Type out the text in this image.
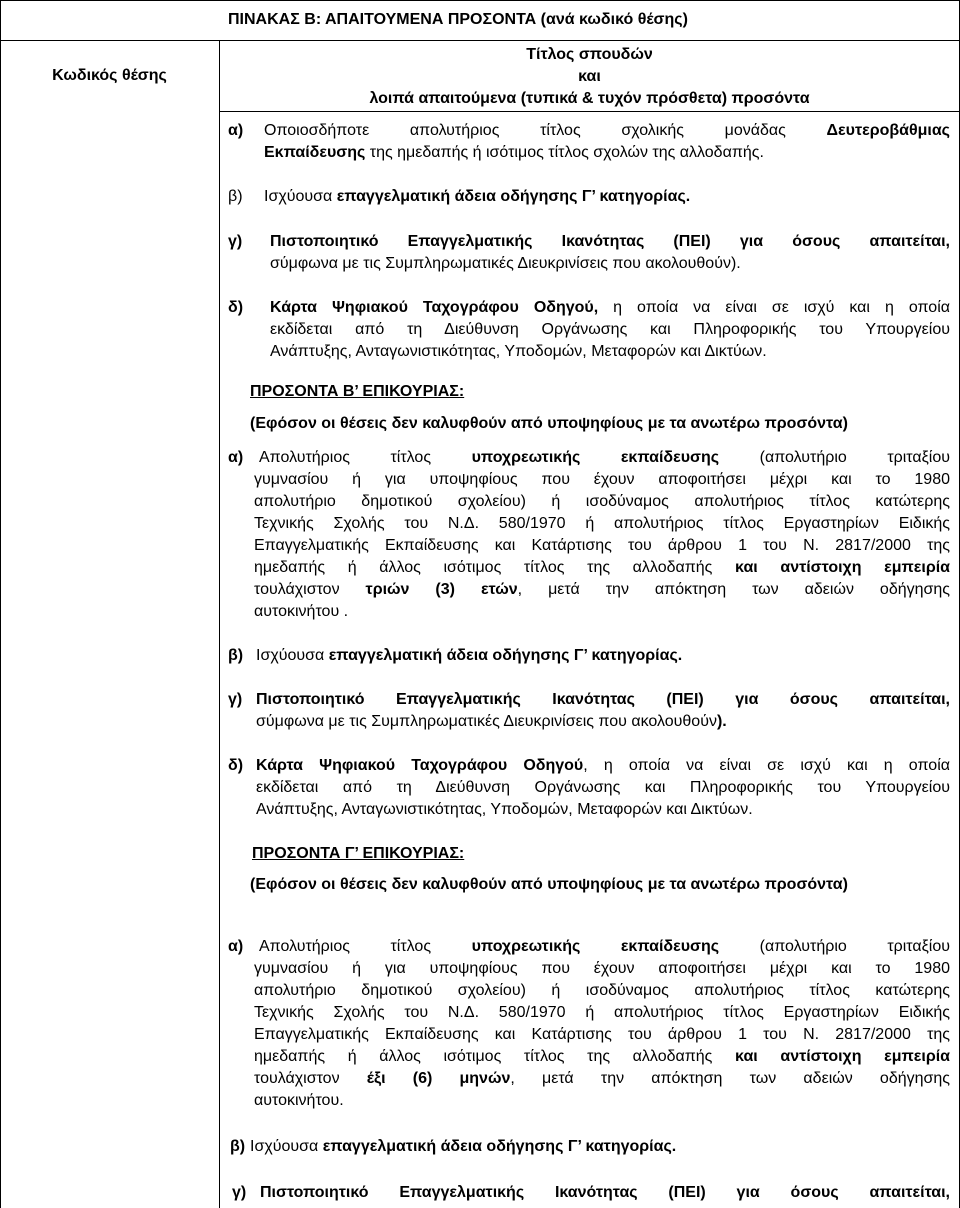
ΠΙΝΑΚΑΣ Β: ΑΠΑΙΤΟΥΜΕΝΑ ΠΡΟΣΟΝΤΑ (ανά κωδικό θέσης)
Κωδικός θέσης
Τίτλος σπουδών
και
λοιπά απαιτούμενα (τυπικά & τυχόν πρόσθετα) προσόντα
α) Οποιοσδήποτε απολυτήριος τίτλος σχολικής μονάδας Δευτεροβάθμιας
Εκπαίδευσης της ημεδαπής ή ισότιμος τίτλος σχολών της αλλοδαπής.
β) Ισχύουσα επαγγελματική άδεια οδήγησης Γ’ κατηγορίας.
γ) Πιστοποιητικό Επαγγελματικής Ικανότητας (ΠΕΙ) για όσους απαιτείται,
σύμφωνα με τις Συμπληρωματικές Διευκρινίσεις που ακολουθούν).
δ) Κάρτα Ψηφιακού Ταχογράφου Οδηγού, η οποία να είναι σε ισχύ και η οποία
εκδίδεται από τη Διεύθυνση Οργάνωσης και Πληροφορικής του Υπουργείου
Ανάπτυξης, Ανταγωνιστικότητας, Υποδομών, Μεταφορών και Δικτύων.
ΠΡΟΣΟΝΤΑ Β’ ΕΠΙΚΟΥΡΙΑΣ:
(Εφόσον οι θέσεις δεν καλυφθούν από υποψηφίους με τα ανωτέρω προσόντα)
α) Απολυτήριος τίτλος υποχρεωτικής εκπαίδευσης (απολυτήριο τριταξίου
γυμνασίου ή για υποψηφίους που έχουν αποφοιτήσει μέχρι και το 1980
απολυτήριο δημοτικού σχολείου) ή ισοδύναμος απολυτήριος τίτλος κατώτερης
Τεχνικής Σχολής του Ν.Δ. 580/1970 ή απολυτήριος τίτλος Εργαστηρίων Ειδικής
Επαγγελματικής Εκπαίδευσης και Κατάρτισης του άρθρου 1 του Ν. 2817/2000 της
ημεδαπής ή άλλος ισότιμος τίτλος της αλλοδαπής και αντίστοιχη εμπειρία
τουλάχιστον τριών (3) ετών, μετά την απόκτηση των αδειών οδήγησης
αυτοκινήτου .
β) Ισχύουσα επαγγελματική άδεια οδήγησης Γ’ κατηγορίας.
γ) Πιστοποιητικό Επαγγελματικής Ικανότητας (ΠΕΙ) για όσους απαιτείται,
σύμφωνα με τις Συμπληρωματικές Διευκρινίσεις που ακολουθούν).
δ) Κάρτα Ψηφιακού Ταχογράφου Οδηγού, η οποία να είναι σε ισχύ και η οποία
εκδίδεται από τη Διεύθυνση Οργάνωσης και Πληροφορικής του Υπουργείου
Ανάπτυξης, Ανταγωνιστικότητας, Υποδομών, Μεταφορών και Δικτύων.
ΠΡΟΣΟΝΤΑ Γ’ ΕΠΙΚΟΥΡΙΑΣ:
(Εφόσον οι θέσεις δεν καλυφθούν από υποψηφίους με τα ανωτέρω προσόντα)
α) Απολυτήριος τίτλος υποχρεωτικής εκπαίδευσης (απολυτήριο τριταξίου
γυμνασίου ή για υποψηφίους που έχουν αποφοιτήσει μέχρι και το 1980
απολυτήριο δημοτικού σχολείου) ή ισοδύναμος απολυτήριος τίτλος κατώτερης
Τεχνικής Σχολής του Ν.Δ. 580/1970 ή απολυτήριος τίτλος Εργαστηρίων Ειδικής
Επαγγελματικής Εκπαίδευσης και Κατάρτισης του άρθρου 1 του Ν. 2817/2000 της
ημεδαπής ή άλλος ισότιμος τίτλος της αλλοδαπής και αντίστοιχη εμπειρία
τουλάχιστον έξι (6) μηνών, μετά την απόκτηση των αδειών οδήγησης
αυτοκινήτου.
β) Ισχύουσα επαγγελματική άδεια οδήγησης Γ’ κατηγορίας.
γ) Πιστοποιητικό Επαγγελματικής Ικανότητας (ΠΕΙ) για όσους απαιτείται,
